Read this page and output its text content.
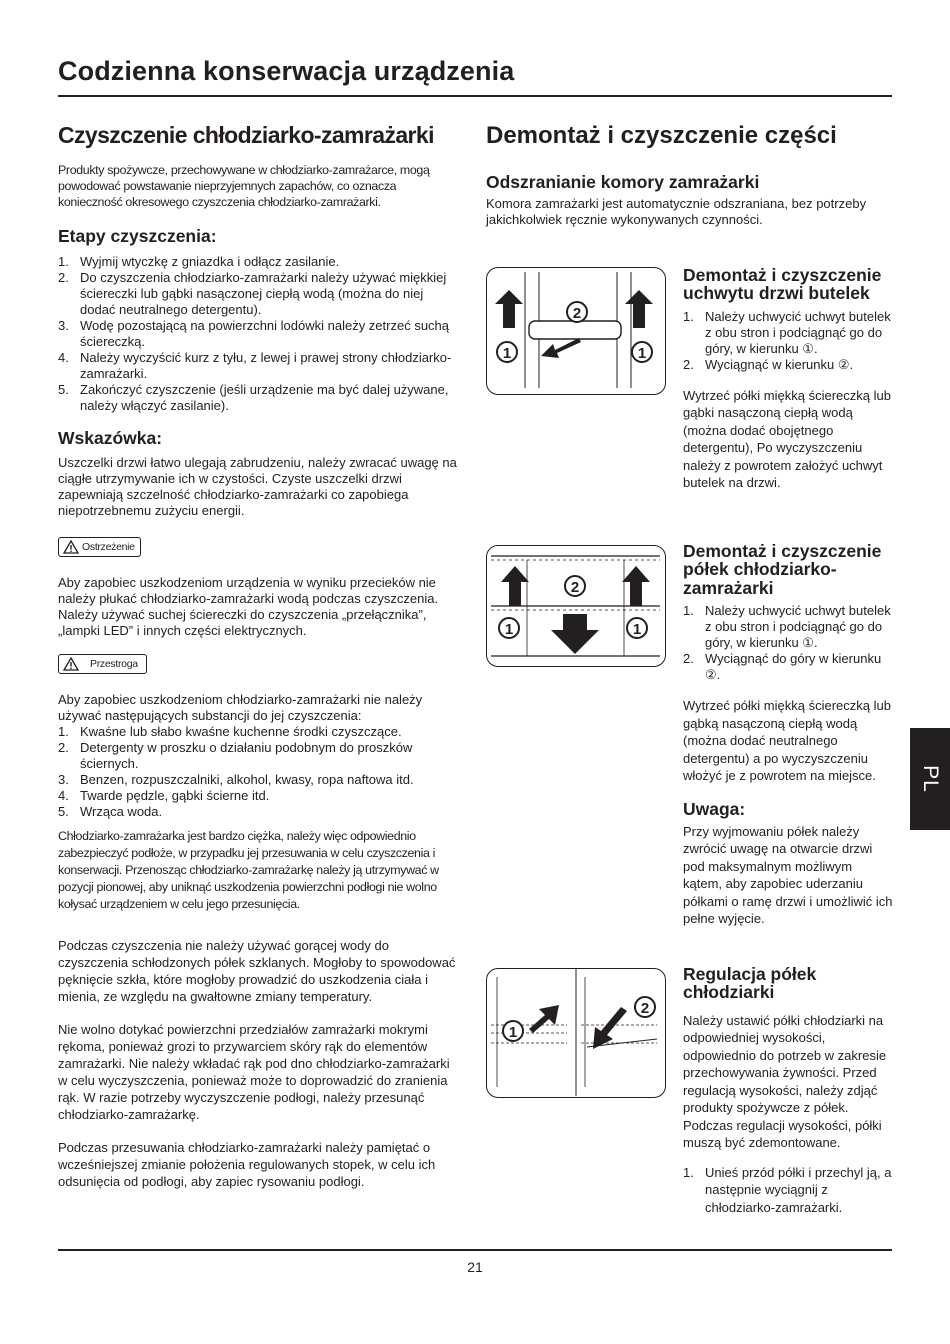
Codzienna konserwacja urządzenia
Czyszczenie chłodziarko-zamrażarki

Produkty spożywcze, przechowywane w chłodziarko-zamrażarce, mogą powodować powstawanie nieprzyjemnych zapachów, co oznacza konieczność okresowego czyszczenia chłodziarko-zamrażarki.

Etapy czyszczenia:
1. Wyjmij wtyczkę z gniazdka i odłącz zasilanie.
2. Do czyszczenia chłodziarko-zamrażarki należy używać miękkiej ściereczki lub gąbki nasączonej ciepłą wodą (można do niej dodać neutralnego detergentu).
3. Wodę pozostającą na powierzchni lodówki należy zetrzeć suchą ściereczką.
4. Należy wyczyścić kurz z tyłu, z lewej i prawej strony chłodziarko-zamrażarki.
5. Zakończyć czyszczenie (jeśli urządzenie ma być dalej używane, należy włączyć zasilanie).
Wskazówka:

Uszczelki drzwi łatwo ulegają zabrudzeniu, należy zwracać uwagę na ciągłe utrzymywanie ich w czystości. Czyste uszczelki drzwi zapewniają szczelność chłodziarko-zamrażarki co zapobiega niepotrzebnemu zużyciu energii.

Ostrzeżenie

Aby zapobiec uszkodzeniom urządzenia w wyniku przecieków nie należy płukać chłodziarko-zamrażarki wodą podczas czyszczenia. Należy używać suchej ściereczki do czyszczenia „przełącznika”, „lampki LED” i innych części elektrycznych.

Przestroga

Aby zapobiec uszkodzeniom chłodziarko-zamrażarki nie należy używać następujących substancji do jej czyszczenia:

1. Kwaśne lub słabo kwaśne kuchenne środki czyszczące.
2. Detergenty w proszku o działaniu podobnym do proszków ściernych.
3. Benzen, rozpuszczalniki, alkohol, kwasy, ropa naftowa itd.
4. Twarde pędzle, gąbki ścierne itd.
5. Wrząca woda.

Chłodziarko-zamrażarka jest bardzo ciężka, należy więc odpowiednio zabezpieczyć podłoże, w przypadku jej przesuwania w celu czyszczenia i konserwacji. Przenosząc chłodziarko-zamrażarkę należy ją utrzymywać w pozycji pionowej, aby uniknąć uszkodzenia powierzchni podłogi nie wolno kołysać urządzeniem w celu jego przesunięcia.

Podczas czyszczenia nie należy używać gorącej wody do czyszczenia schłodzonych półek szklanych. Mogłoby to spowodować pęknięcie szkła, które mogłoby prowadzić do uszkodzenia ciała i mienia, ze względu na gwałtowne zmiany temperatury.

Nie wolno dotykać powierzchni przedziałów zamrażarki mokrymi rękoma, ponieważ grozi to przywarciem skóry rąk do elementów zamrażarki. Nie należy wkładać rąk pod dno chłodziarko-zamrażarki w celu wyczyszczenia, ponieważ może to doprowadzić do zranienia rąk. W razie potrzeby wyczyszczenie podłogi, należy przesunąć chłodziarko-zamrażarkę.

Podczas przesuwania chłodziarko-zamrażarki należy pamiętać o wcześniejszej zmianie położenia regulowanych stopek, w celu ich odsunięcia od podłogi, aby zapiec rysowaniu podłogi.

Demontaż i czyszczenie części
Odszranianie komory zamrażarki

Komora zamrażarki jest automatycznie odszraniana, bez potrzeby jakichkolwiek ręcznie wykonywanych czynności.

1	1
2
Demontaż i czyszczenie uchwytu drzwi butelek
1. Należy uchwycić uchwyt butelek z obu stron i podciągnąć go do góry, w kierunku ①.
2. Wyciągnąć w kierunku ②.

Wytrzeć półki miękką ściereczką lub gąbki nasączoną ciepłą wodą (można dodać obojętnego detergentu), Po wyczyszczeniu należy z powrotem założyć uchwyt butelek na drzwi.

1	1
2
Demontaż i czyszczenie półek chłodziarko-zamrażarki
1. Należy uchwycić uchwyt butelek z obu stron i podciągnąć go do góry, w kierunku ①.
2. Wyciągnąć do góry w kierunku ②.

Wytrzeć półki miękką ściereczką lub gąbką nasączoną ciepłą wodą (można dodać neutralnego detergentu) a po wyczyszczeniu włożyć je z powrotem na miejsce.

Uwaga:

Przy wyjmowaniu półek należy zwrócić uwagę na otwarcie drzwi pod maksymalnym możliwym kątem, aby zapobiec uderzaniu półkami o ramę drzwi i umożliwić ich pełne wyjęcie.

1
2
Regulacja półek chłodziarki

Należy ustawić półki chłodziarki na odpowiedniej wysokości, odpowiednio do potrzeb w zakresie przechowywania żywności. Przed regulacją wysokości, należy zdjąć produkty spożywcze z półek. Podczas regulacji wysokości, półki muszą być zdemontowane.

1. Unieś przód półki i przechyl ją, a następnie wyciągnij z chłodziarko-zamrażarki.
PL
21
